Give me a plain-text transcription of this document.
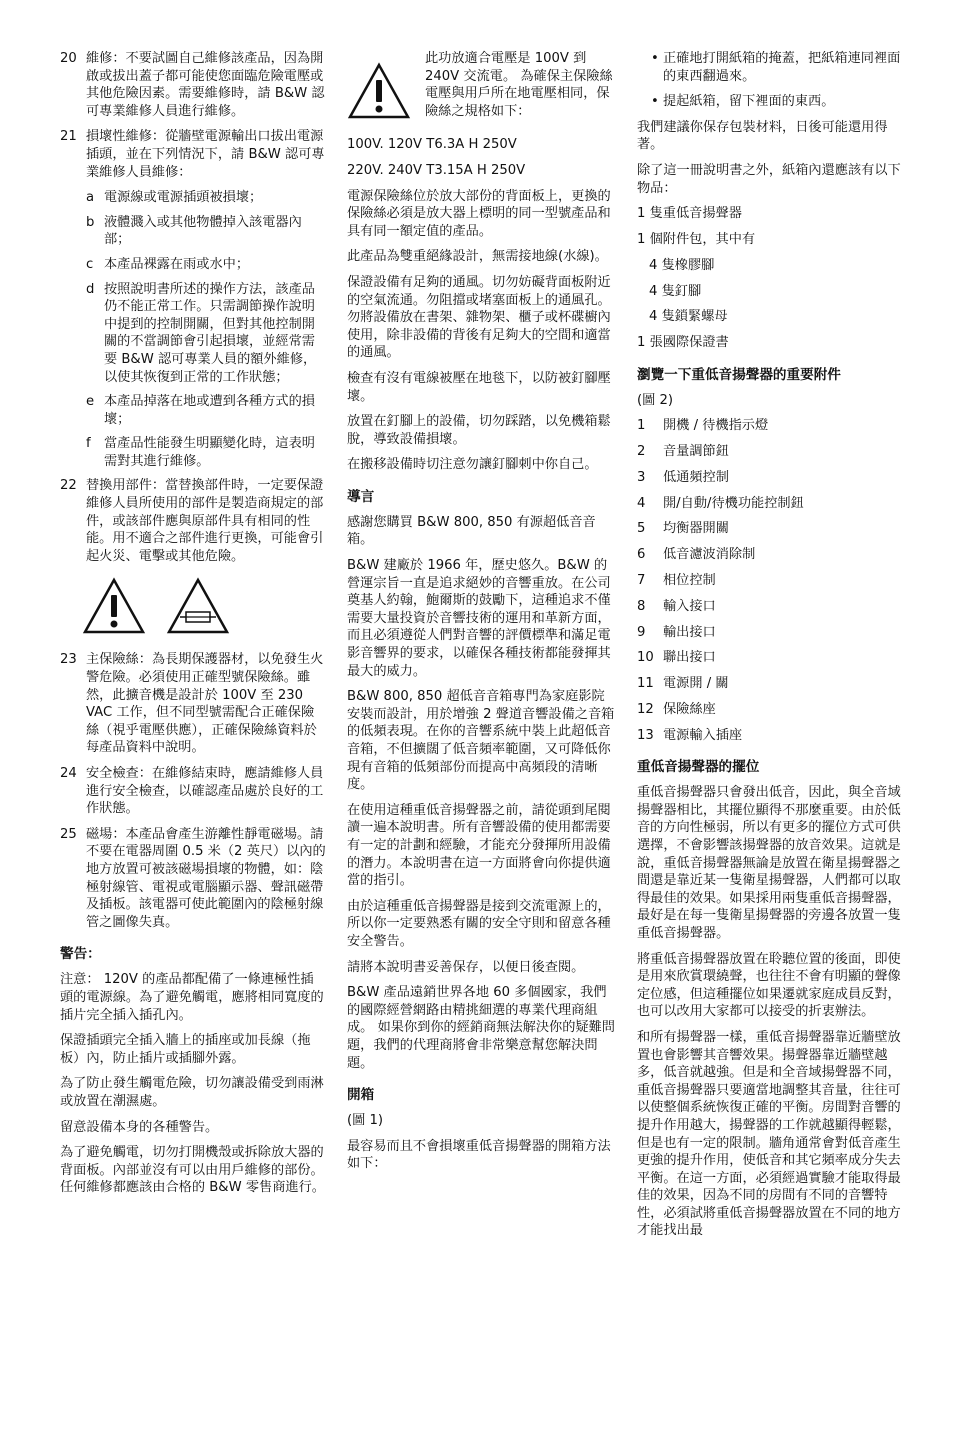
20 維修：不要試圖自己維修該產品，因為開啟或拔出蓋子都可能使您面臨危險電壓或其他危險因素。需要維修時，請 B&W 認可專業維修人員進行維修。
21 損壞性維修：從牆壁電源輸出口拔出電源插頭，並在下列情況下，請 B&W 認可專業維修人員維修：
a 電源線或電源插頭被損壞；
b 液體濺入或其他物體掉入該電器內部；
c 本產品裸露在雨或水中；
d 按照說明書所述的操作方法，該產品仍不能正常工作。只需調節操作說明中提到的控制開關，但對其他控制開關的不當調節會引起損壞，並經常需要 B&W 認可專業人員的額外維修，以使其恢復到正常的工作狀態；
e 本產品掉落在地或遭到各種方式的損壞；
f	當產品性能發生明顯變化時，這表明需對其進行維修。
22 替換用部件：當替換部件時，一定要保證維修人員所使用的部件是製造商規定的部件，或該部件應與原部件具有相同的性能。用不適合之部件進行更換，可能會引起火災、電擊或其他危險。
23 主保險絲：為長期保護器材，以免發生火警危險。必須使用正確型號保險絲。雖然，此擴音機是設計於 100V 至 230 VAC 工作，但不同型號需配合正確保險絲（視乎電壓供應），正確保險絲資料於每產品資料中說明。
24 安全檢查：在維修結束時，應請維修人員進行安全檢查，以確認產品處於良好的工作狀態。
25 磁場：本產品會產生游離性靜電磁場。請不要在電器周圍 0.5 米（2 英尺）以內的地方放置可被該磁場損壞的物體，如：陰極射線管、電視或電腦顯示器、聲訊磁帶及插板。該電器可使此範圍內的陰極射線管之圖像失真。
警告：

注意： 120V 的產品都配備了一條連極性插頭的電源線。為了避免觸電，應將相同寬度的插片完全插入插孔內。

保證插頭完全插入牆上的插座或加長線（拖板）內，防止插片或插腳外露。

為了防止發生觸電危險，切勿讓設備受到雨淋或放置在潮濕處。

留意設備本身的各種警告。

為了避免觸電，切勿打開機殼或拆除放大器的背面板。內部並沒有可以由用戶維修的部份。任何維修都應該由合格的 B&W 零售商進行。

此功放適合電壓是 100V 到 240V 交流電。 為確保主保險絲電壓與用戶所在地電壓相同，保險絲之規格如下：

100V. 120V T6.3A H 250V

220V. 240V T3.15A H 250V

電源保險絲位於放大部份的背面板上，更換的保險絲必須是放大器上標明的同一型號產品和具有同一額定值的產品。

此產品為雙重絕緣設計，無需接地線(水線)。

保證設備有足夠的通風。切勿妨礙背面板附近的空氣流通。勿阻擋或堵塞面板上的通風孔。勿將設備放在書架、雜物架、櫃子或杯碟櫥內使用，除非設備的背後有足夠大的空間和適當的通風。

檢查有沒有電線被壓在地毯下，以防被釘腳壓壞。

放置在釘腳上的設備，切勿踩踏，以免機箱鬆脫，導致設備損壞。

在搬移設備時切注意勿讓釘腳刺中你自己。

導言

感謝您購買 B&W 800, 850 有源超低音音箱。

B&W 建廠於 1966 年，歷史悠久。B&W 的營運宗旨一直是追求絕妙的音響重放。在公司奠基人約翰，鮑爾斯的鼓勵下，這種追求不僅需要大量投資於音響技術的運用和革新方面，而且必須遵從人們對音響的評價標準和滿足電影音響界的要求，以確保各種技術都能發揮其最大的威力。

B&W 800, 850 超低音音箱專門為家庭影院安裝而設計，用於增強 2 聲道音響設備之音箱的低頻表現。在你的音響系統中裝上此超低音音箱，不但擴闊了低音頻率範圍，又可降低你現有音箱的低頻部份而提高中高頻段的清晰度。

在使用這種重低音揚聲器之前，請從頭到尾閱讀一遍本說明書。所有音響設備的使用都需要有一定的計劃和經驗，才能充分發揮所用設備的潛力。本說明書在這一方面將會向你提供適當的指引。

由於這種重低音揚聲器是接到交流電源上的，所以你一定要熟悉有關的安全守則和留意各種安全警告。

請將本說明書妥善保存，以便日後查閱。

B&W 產品遠銷世界各地 60 多個國家，我們的國際經營網路由精挑細選的專業代理商組成。 如果你到你的經銷商無法解決你的疑難問題，我們的代理商將會非常樂意幫您解決問題。

開箱

(圖 1)

最容易而且不會損壞重低音揚聲器的開箱方法如下：

• 正確地打開紙箱的掩蓋，把紙箱連同裡面的東西翻過來。
• 提起紙箱，留下裡面的東西。

我們建議你保存包裝材料，日後可能還用得著。

除了這一冊說明書之外，紙箱內還應該有以下物品：

1 隻重低音揚聲器
1 個附件包，其中有
4 隻橡膠腳
4 隻釘腳
4 隻鎖緊螺母
1 張國際保證書
瀏覽一下重低音揚聲器的重要附件

(圖 2)

1	開機 / 待機指示燈
2	音量調節鈕
3	低通頻控制
4	開/自動/待機功能控制鈕
5	均衡器開關
6	低音濾波消除制
7	相位控制
8	輸入接口
9	輸出接口
10 聯出接口
11 電源開 / 關
12 保險絲座
13 電源輸入插座
重低音揚聲器的擺位

重低音揚聲器只會發出低音，因此，與全音域揚聲器相比，其擺位顯得不那麼重要。由於低音的方向性極弱，所以有更多的擺位方式可供選擇，不會影響該揚聲器的放音效果。這就是說，重低音揚聲器無論是放置在衛星揚聲器之間還是靠近某一隻衛星揚聲器，人們都可以取得最佳的效果。如果採用兩隻重低音揚聲器，最好是在每一隻衛星揚聲器的旁邊各放置一隻重低音揚聲器。

將重低音揚聲器放置在聆聽位置的後面，即使是用來欣賞環繞聲，也往往不會有明顯的聲像定位感，但這種擺位如果遷就家庭成員反對，也可以改用大家都可以接受的折衷辦法。

和所有揚聲器一樣，重低音揚聲器靠近牆壁放置也會影響其音響效果。揚聲器靠近牆壁越多，低音就越強。但是和全音域揚聲器不同，重低音揚聲器只要適當地調整其音量，往往可以使整個系統恢復正確的平衡。房間對音響的提升作用越大，揚聲器的工作就越顯得輕鬆，但是也有一定的限制。牆角通常會對低音產生更強的提升作用，使低音和其它頻率成分失去平衡。在這一方面，必須經過實驗才能取得最佳的效果，因為不同的房間有不同的音響特性，必須試將重低音揚聲器放置在不同的地方才能找出最
